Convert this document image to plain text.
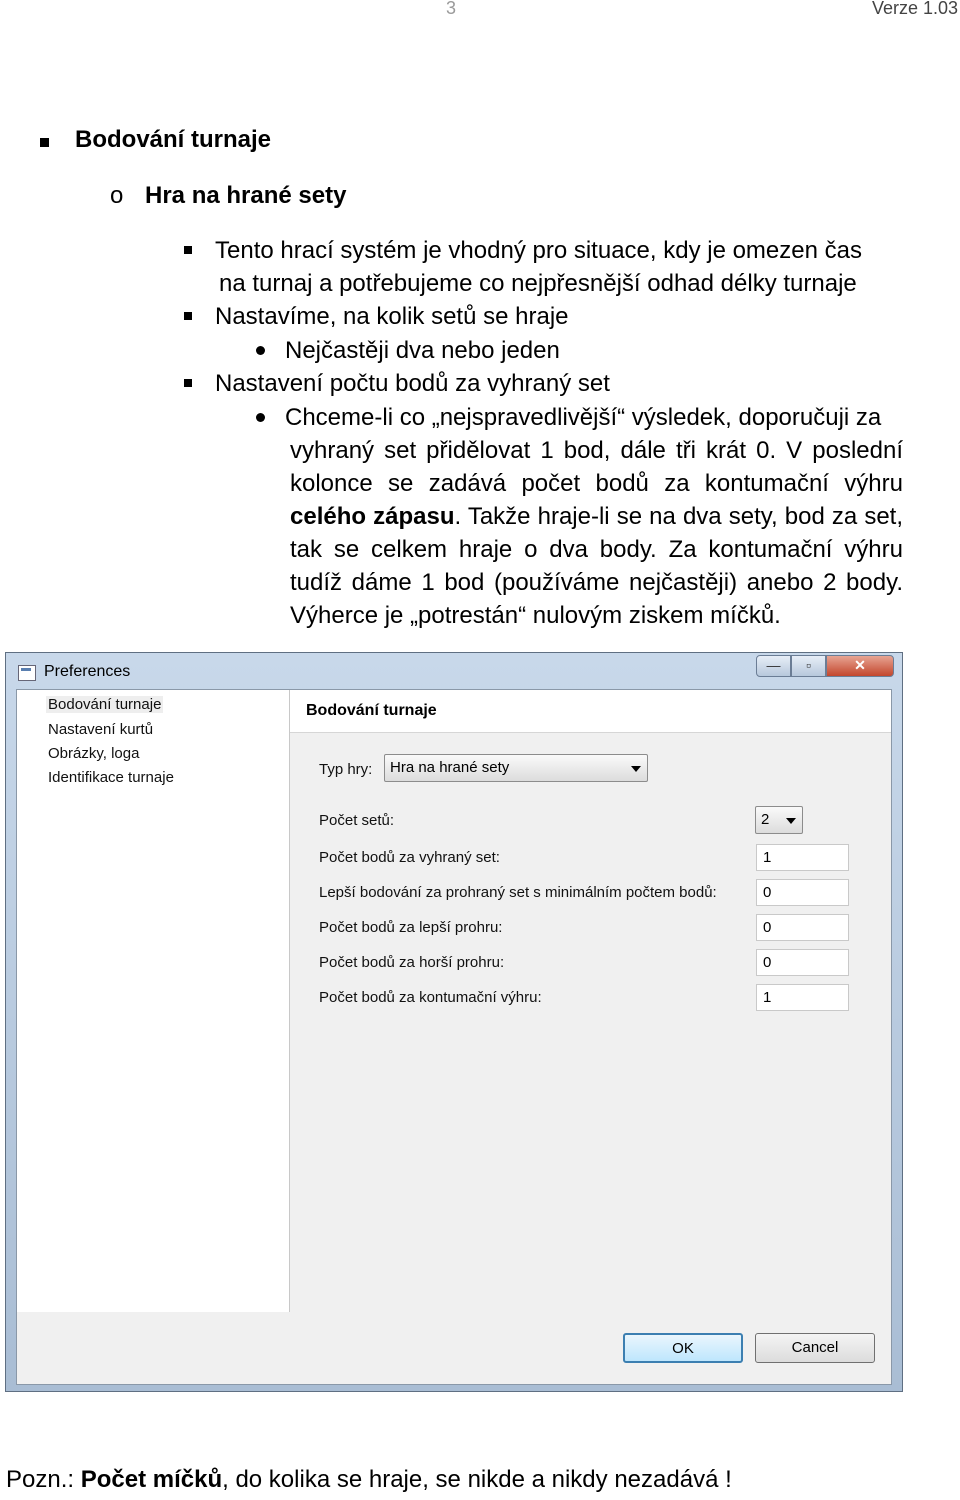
3	Verze 1.03
Bodování turnaje
o Hra na hrané sety
Tento hrací systém je vhodný pro situace, kdy je omezen čas
na turnaj a potřebujeme co nejpřesnější odhad délky turnaje
Nastavíme, na kolik setů se hraje
Nejčastěji dva nebo jeden
Nastavení počtu bodů za vyhraný set
Chceme-li co „nejspravedlivější“ výsledek, doporučuji za
vyhraný set přidělovat 1 bod, dále tři krát 0. V poslední kolonce se zadává počet bodů za kontumační výhru celého zápasu. Takže hraje-li se na dva sety, bod za set, tak se celkem hraje o dva body. Za kontumační výhru tudíž dáme 1 bod (používáme nejčastěji) anebo 2 body. Výherce je „potrestán“ nulovým ziskem míčků.
Preferences	—	▫	✕
Bodování turnaje
Nastavení kurtů
Obrázky, loga
Identifikace turnaje
Bodování turnaje
Typ hry:	Hra na hrané sety
Počet setů:	2
Počet bodů za vyhraný set:	1
Lepší bodování za prohraný set s minimálním počtem bodů:	0
Počet bodů za lepší prohru:	0
Počet bodů za horší prohru:	0
Počet bodů za kontumační výhru:	1
OK	Cancel
Pozn.: Počet míčků, do kolika se hraje, se nikde a nikdy nezadává !
